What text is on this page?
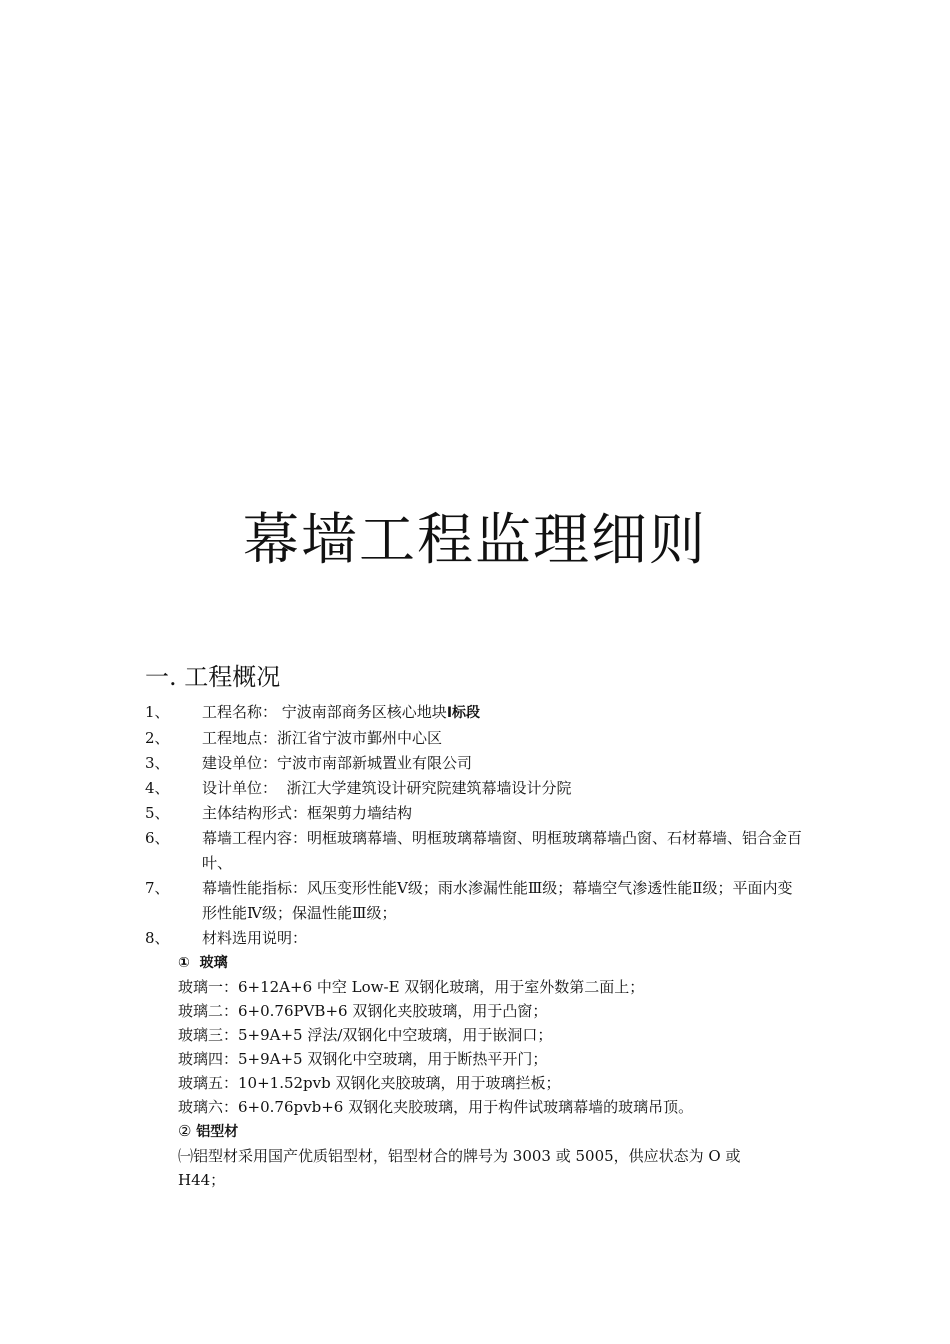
幕墙工程监理细则
一. 工程概况
1、	工程名称： 宁波南部商务区核心地块Ⅰ标段
2、	工程地点：浙江省宁波市鄞州中心区
3、	建设单位：宁波市南部新城置业有限公司
4、	设计单位：  浙江大学建筑设计研究院建筑幕墙设计分院
5、	主体结构形式：框架剪力墙结构
6、	幕墙工程内容：明框玻璃幕墙、明框玻璃幕墙窗、明框玻璃幕墙凸窗、石材幕墙、铝合金百叶、
7、	幕墙性能指标：风压变形性能Ⅴ级；雨水渗漏性能Ⅲ级；幕墙空气渗透性能Ⅱ级；平面内变形性能Ⅳ级；保温性能Ⅲ级；
8、	材料选用说明：
①  玻璃
玻璃一：6+12A+6 中空 Low-E 双钢化玻璃，用于室外数第二面上；
玻璃二：6+0.76PVB+6 双钢化夹胶玻璃，用于凸窗；
玻璃三：5+9A+5 浮法/双钢化中空玻璃，用于嵌洞口；
玻璃四：5+9A+5 双钢化中空玻璃，用于断热平开门；
玻璃五：10+1.52pvb 双钢化夹胶玻璃，用于玻璃拦板；
玻璃六：6+0.76pvb+6 双钢化夹胶玻璃，用于构件试玻璃幕墙的玻璃吊顶。
② 铝型材
㈠铝型材采用国产优质铝型材，铝型材合的牌号为 3003 或 5005，供应状态为 O 或 H44；
